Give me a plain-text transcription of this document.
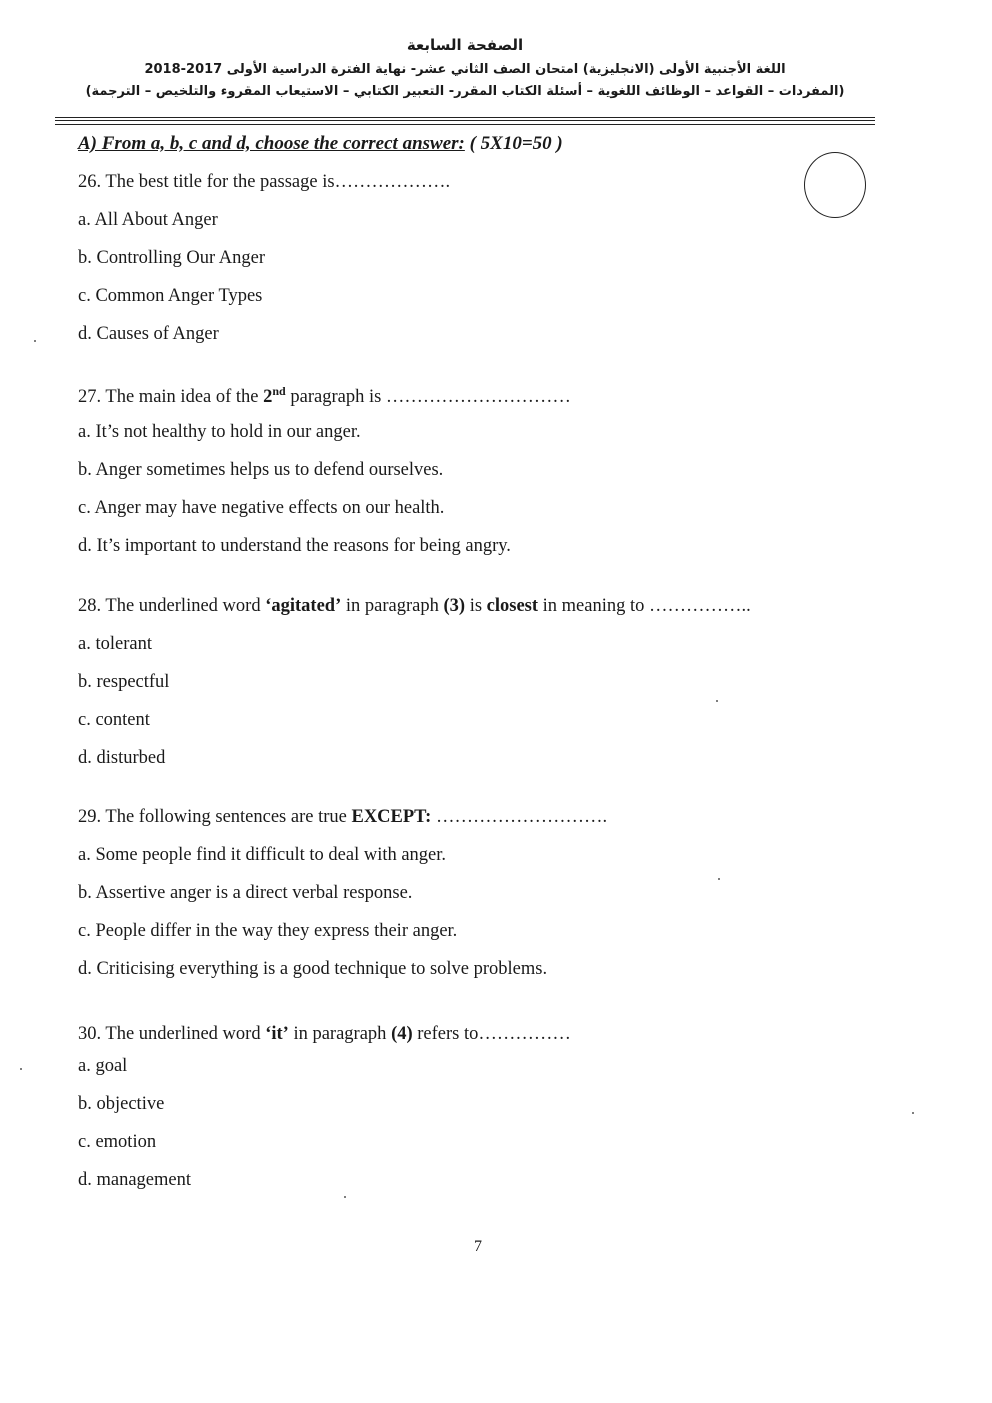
الصفحة السابعة
اللغة الأجنبية الأولى (الانجليزية) امتحان الصف الثاني عشر- نهاية الفترة الدراسية الأولى 2017-2018
(المفردات – القواعد – الوظائف اللغوية – أسئلة الكتاب المقرر- التعبير الكتابي – الاستيعاب المقروء والتلخيص – الترجمة)
A) From a, b, c and d, choose the correct answer: ( 5X10=50 )
26. The best title for the passage is……………….
a. All About Anger
b. Controlling Our Anger
c. Common Anger Types
d. Causes of Anger
27. The main idea of the 2nd paragraph is …………………………
a. It’s not healthy to hold in our anger.
b. Anger sometimes helps us to defend ourselves.
c. Anger may have negative effects on our health.
d. It’s important to understand the reasons for being angry.
28. The underlined word ‘agitated’ in paragraph (3) is closest in meaning to ……………..
a. tolerant
b. respectful
c. content
d. disturbed
29. The following sentences are true EXCEPT: ……………………….
a. Some people find it difficult to deal with anger.
b. Assertive anger is a direct verbal response.
c. People differ in the way they express their anger.
d. Criticising everything is a good technique to solve problems.
30. The underlined word ‘it’ in paragraph (4) refers to……………
a. goal
b. objective
c. emotion
d. management
7
